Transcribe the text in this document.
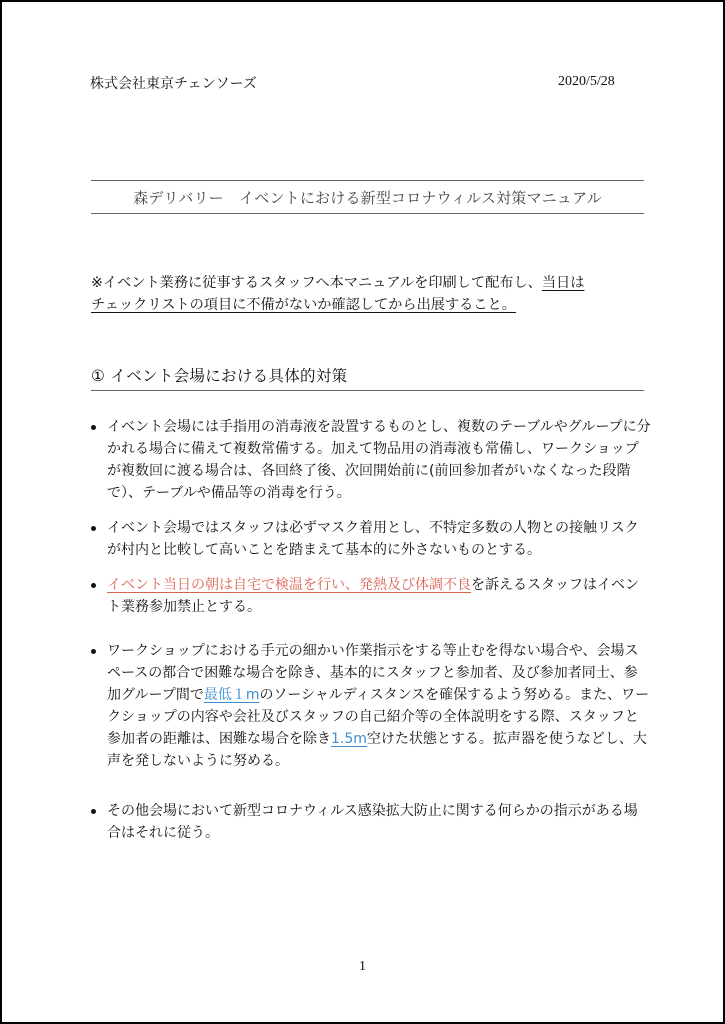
株式会社東京チェンソーズ	2020/5/28
森デリバリー　イベントにおける新型コロナウィルス対策マニュアル
※イベント業務に従事するスタッフへ本マニュアルを印刷して配布し、当日は
チェックリストの項目に不備がないか確認してから出展すること。
① イベント会場における具体的対策
イベント会場には手指用の消毒液を設置するものとし、複数のテーブルやグループに分かれる場合に備えて複数常備する。加えて物品用の消毒液も常備し、ワークショップが複数回に渡る場合は、各回終了後、次回開始前に(前回参加者がいなくなった段階で）、テーブルや備品等の消毒を行う。
イベント会場ではスタッフは必ずマスク着用とし、不特定多数の人物との接触リスクが村内と比較して高いことを踏まえて基本的に外さないものとする。
イベント当日の朝は自宅で検温を行い、発熱及び体調不良を訴えるスタッフはイベント業務参加禁止とする。
ワークショップにおける手元の細かい作業指示をする等止むを得ない場合や、会場スペースの都合で困難な場合を除き、基本的にスタッフと参加者、及び参加者同士、参加グループ間で最低１mのソーシャルディスタンスを確保するよう努める。また、ワークショップの内容や会社及びスタッフの自己紹介等の全体説明をする際、スタッフと参加者の距離は、困難な場合を除き1.5m空けた状態とする。拡声器を使うなどし、大声を発しないように努める。
その他会場において新型コロナウィルス感染拡大防止に関する何らかの指示がある場合はそれに従う。
1
